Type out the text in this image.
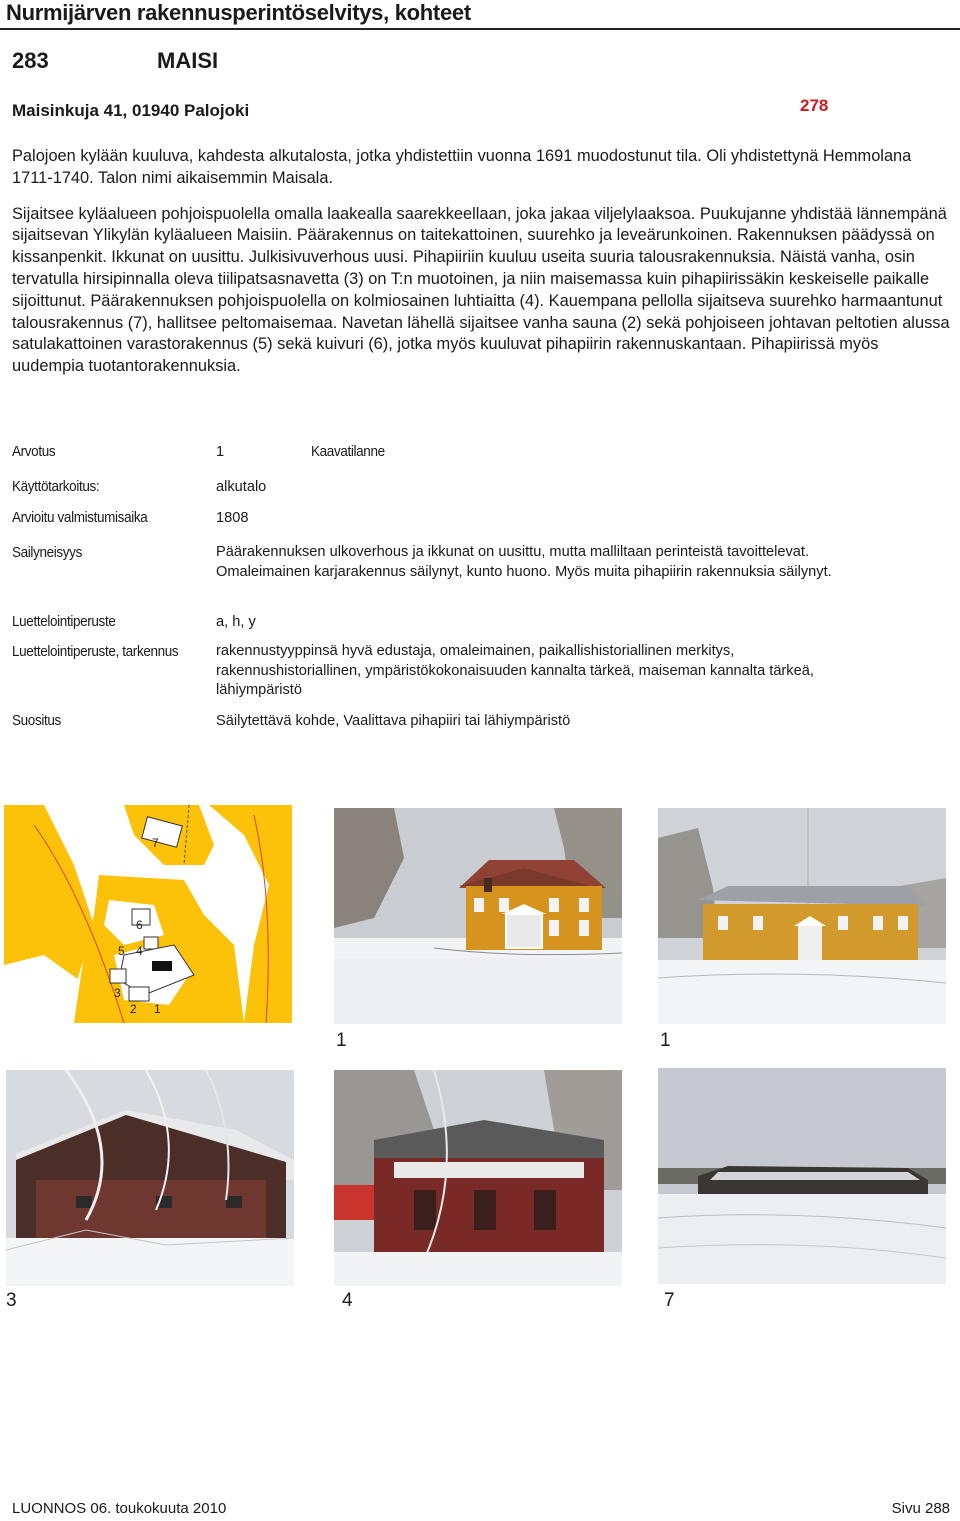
Nurmijärven rakennusperintöselvitys, kohteet
283	MAISI
Maisinkuja 41, 01940 Palojoki	278

Palojoen kylään kuuluva, kahdesta alkutalosta, jotka yhdistettiin vuonna 1691 muodostunut tila. Oli yhdistettynä Hemmolana 1711-1740. Talon nimi aikaisemmin Maisala.

Sijaitsee kyläalueen pohjoispuolella omalla laakealla saarekkeellaan, joka jakaa viljelylaaksoa. Puukujanne yhdistää lännempänä sijaitsevan Ylikylän kyläalueen Maisiin. Päärakennus on taitekattoinen, suurehko ja leveärunkoinen. Rakennuksen päädyssä on kissanpenkit. Ikkunat on uusittu. Julkisivuverhous uusi. Pihapiiriin kuuluu useita suuria talousrakennuksia. Näistä vanha, osin tervatulla hirsipinnalla oleva tiilipatsasnavetta (3) on T:n muotoinen, ja niin maisemassa kuin pihapiirissäkin keskeiselle paikalle sijoittunut. Päärakennuksen pohjoispuolella on kolmiosainen luhtiaitta (4). Kauempana pellolla sijaitseva suurehko harmaantunut talousrakennus (7), hallitsee peltomaisemaa. Navetan lähellä sijaitsee vanha sauna (2) sekä pohjoiseen johtavan peltotien alussa satulakattoinen varastorakennus (5) sekä kuivuri (6), jotka myös kuuluvat pihapiirin rakennuskantaan. Pihapiirissä myös uudempia tuotantorakennuksia.

Arvotus	1	Kaavatilanne
Käyttötarkoitus:	alkutalo
Arvioitu valmistumisaika	1808
Sailyneisyys	Päärakennuksen ulkoverhous ja ikkunat on uusittu, mutta malliltaan perinteistä tavoittelevat. Omaleimainen karjarakennus säilynyt, kunto huono. Myös muita pihapiirin rakennuksia säilynyt.
Luettelointiperuste	a, h, y
Luettelointiperuste, tarkennus	rakennustyyppinsä hyvä edustaja, omaleimainen, paikallishistoriallinen merkitys, rakennushistoriallinen, ympäristökokonaisuuden kannalta tärkeä, maiseman kannalta tärkeä, lähiympäristö
Suositus	Säilytettävä kohde, Vaalittava pihapiiri tai lähiympäristö
7
6
5 4
3
2 1
1	1
3	4	7
LUONNOS 06. toukokuuta 2010	Sivu 288
